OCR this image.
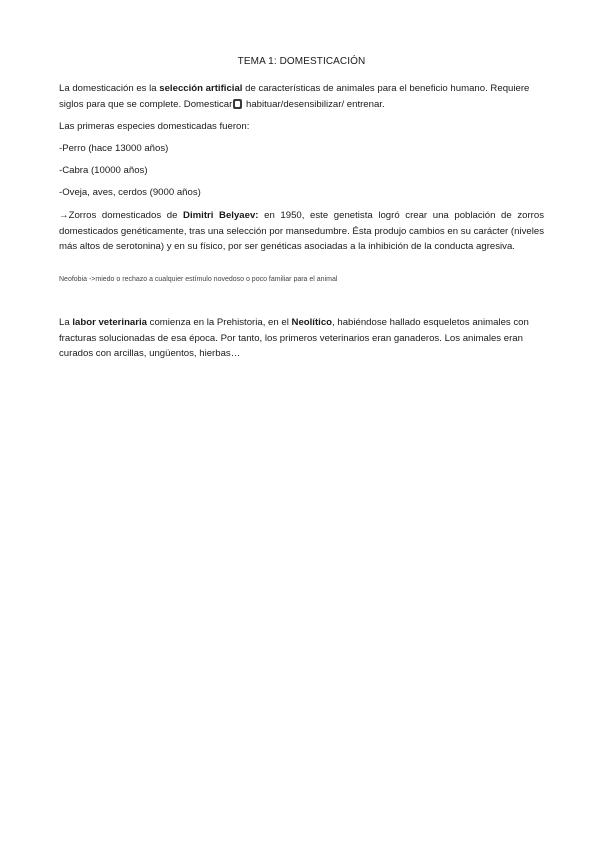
TEMA 1: DOMESTICACIÓN

La domesticación es la selección artificial de características de animales para el beneficio humano. Requiere siglos para que se complete. Domesticar habituar/desensibilizar/ entrenar.

Las primeras especies domesticadas fueron:

-Perro (hace 13000 años)

-Cabra (10000 años)

-Oveja, aves, cerdos (9000 años)

→Zorros domesticados de Dimitri Belyaev: en 1950, este genetista logró crear una población de zorros domesticados genéticamente, tras una selección por mansedumbre. Ésta produjo cambios en su carácter (niveles más altos de serotonina) y en su físico, por ser genéticas asociadas a la inhibición de la conducta agresiva.

Neofobia ->miedo o rechazo a cualquier estímulo novedoso o poco familiar para el animal

La labor veterinaria comienza en la Prehistoria, en el Neolítico, habiéndose hallado esqueletos animales con fracturas solucionadas de esa época. Por tanto, los primeros veterinarios eran ganaderos. Los animales eran curados con arcillas, ungüentos, hierbas…
